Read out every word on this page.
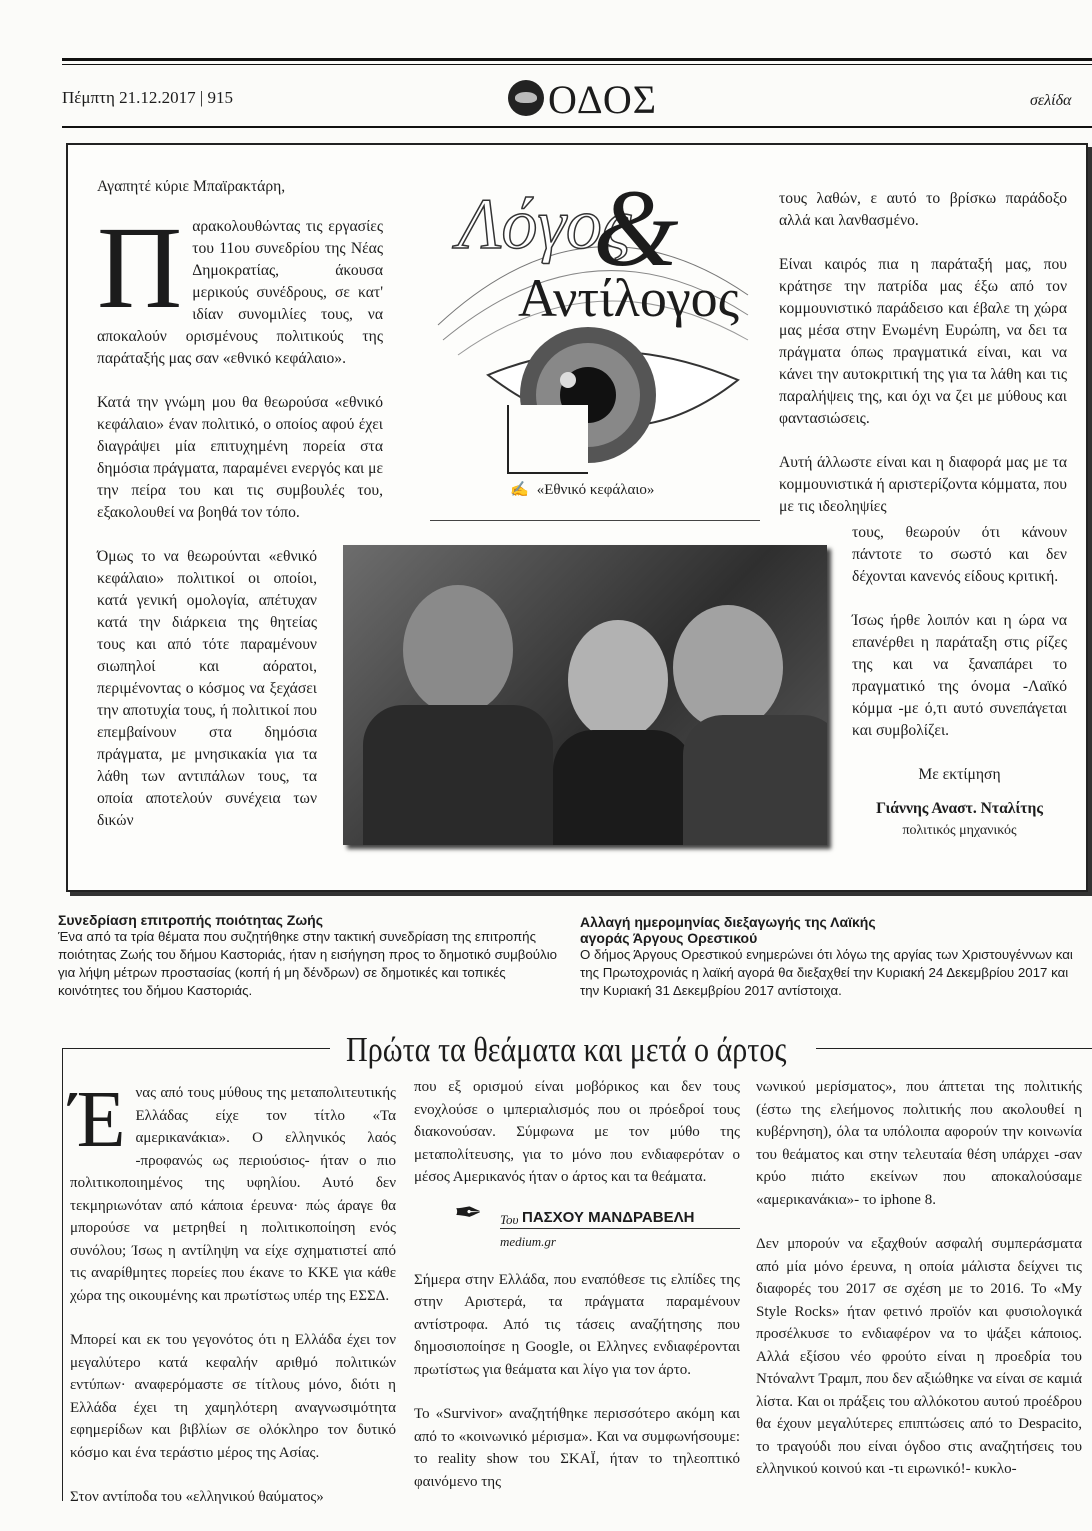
Πέμπτη 21.12.2017 | 915	ΟΔΟΣ	σελίδα

Αγαπητέ κύριε Μπαϊρακτάρη,

Π αρακολουθώντας τις εργασίες του 11ου συνεδρίου της Νέας Δημοκρατίας, άκουσα μερικούς συνέδρους, σε κατ' ιδίαν συνομιλίες τους, να αποκαλούν ορισμένους πολιτικούς της παράταξής μας σαν «εθνικό κεφάλαιο».

Κατά την γνώμη μου θα θεωρούσα «εθνικό κεφάλαιο» έναν πολιτικό, ο οποίος αφού έχει διαγράψει μία επιτυχημένη πορεία στα δημόσια πράγματα, παραμένει ενεργός και με την πείρα του και τις συμβουλές του, εξακολουθεί να βοηθά τον τόπο.

Όμως το να θεωρούνται «εθνικό κεφάλαιο» πολιτικοί οι οποίοι, κατά γενική ομολογία, απέτυχαν κατά την διάρκεια της θητείας τους και από τότε παραμένουν σιωπηλοί και αόρατοι, περιμένοντας ο κόσμος να ξεχάσει την αποτυχία τους, ή πολιτικοί που επεμβαίνουν στα δημόσια πράγματα, με μνησικακία για τα λάθη των αντιπάλων τους, τα οποία αποτελούν συνέχεια των δικών

Λόγος
&
Αντίλογος
✍ «Εθνικό κεφάλαιο»

τους λαθών, ε αυτό το βρίσκω παράδοξο αλλά και λανθασμένο.

Είναι καιρός πια η παράταξή μας, που κράτησε την πατρίδα μας έξω από τον κομμουνιστικό παράδεισο και έβαλε τη χώρα μας μέσα στην Ενωμένη Ευρώπη, να δει τα πράγματα όπως πραγματικά είναι, και να κάνει την αυτοκριτική της για τα λάθη και τις παραλήψεις της, και όχι να ζει με μύθους και φαντασιώσεις.

Αυτή άλλωστε είναι και η διαφορά μας με τα κομμουνιστικά ή αριστερίζοντα κόμματα, που με τις ιδεοληψίες

τους, θεωρούν ότι κάνουν πάντοτε το σωστό και δεν δέχονται κανενός είδους κριτική.

Ίσως ήρθε λοιπόν και η ώρα να επανέρθει η παράταξη στις ρίζες της και να ξαναπάρει το πραγματικό της όνομα -Λαϊκό κόμμα -με ό,τι αυτό συνεπάγεται και συμβολίζει.

Με εκτίμηση

Γιάννης Αναστ. Νταλίτης

πολιτικός μηχανικός

Συνεδρίαση επιτροπής ποιότητας Ζωής
Ένα από τα τρία θέματα που συζητήθηκε στην τακτική συνεδρίαση της επιτροπής ποιότητας Ζωής του δήμου Καστοριάς, ήταν η εισήγηση προς το δημοτικό συμβούλιο για λήψη μέτρων προστασίας (κοπή ή μη δένδρων) σε δημοτικές και τοπικές κοινότητες του δήμου Καστοριάς.
Αλλαγή ημερομηνίας διεξαγωγής της Λαϊκής αγοράς Άργους Ορεστικού
Ο δήμος Άργους Ορεστικού ενημερώνει ότι λόγω της αργίας των Χριστουγέννων και της Πρωτοχρονιάς η λαϊκή αγορά θα διεξαχθεί την Κυριακή 24 Δεκεμβρίου 2017 και την Κυριακή 31 Δεκεμβρίου 2017 αντίστοιχα.
Πρώτα τα θεάματα και μετά ο άρτος

Έ νας από τους μύθους της μεταπολιτευτικής Ελλάδας είχε τον τίτλο «Τα αμερικανάκια». Ο ελληνικός λαός -προφανώς ως περιούσιος- ήταν ο πιο πολιτικοποιημένος της υφηλίου. Αυτό δεν τεκμηριωνόταν από κάποια έρευνα· πώς άραγε θα μπορούσε να μετρηθεί η πολιτικοποίηση ενός συνόλου; Ίσως η αντίληψη να είχε σχηματιστεί από τις αναρίθμητες πορείες που έκανε το ΚΚΕ για κάθε χώρα της οικουμένης και πρωτίστως υπέρ της ΕΣΣΔ.

Μπορεί και εκ του γεγονότος ότι η Ελλάδα έχει τον μεγαλύτερο κατά κεφαλήν αριθμό πολιτικών εντύπων· αναφερόμαστε σε τίτλους μόνο, διότι η Ελλάδα έχει τη χαμηλότερη αναγνωσιμότητα εφημερίδων και βιβλίων σε ολόκληρο τον δυτικό κόσμο και ένα τεράστιο μέρος της Ασίας.

Στον αντίποδα του «ελληνικού θαύματος»

που εξ ορισμού είναι μοβόρικος και δεν τους ενοχλούσε ο ιμπεριαλισμός που οι πρόεδροί τους διακονούσαν. Σύμφωνα με τον μύθο της μεταπολίτευσης, για το μόνο που ενδιαφερόταν ο μέσος Αμερικανός ήταν ο άρτος και τα θεάματα.

✒ Του ΠΑΣΧΟΥ ΜΑΝΔΡΑΒΕΛΗ
medium.gr

Σήμερα στην Ελλάδα, που εναπόθεσε τις ελπίδες της στην Αριστερά, τα πράγματα παραμένουν αντίστροφα. Από τις τάσεις αναζήτησης που δημοσιοποίησε η Google, οι Ελληνες ενδιαφέρονται πρωτίστως για θεάματα και λίγο για τον άρτο.

Το «Survivor» αναζητήθηκε περισσότερο ακόμη και από το «κοινωνικό μέρισμα». Και να συμφωνήσουμε: το reality show του ΣΚΑΪ, ήταν το τηλεοπτικό φαινόμενο της

νωνικού μερίσματος», που άπτεται της πολιτικής (έστω της ελεήμονος πολιτικής που ακολουθεί η κυβέρνηση), όλα τα υπόλοιπα αφορούν την κοινωνία του θεάματος και στην τελευταία θέση υπάρχει -σαν κρύο πιάτο εκείνων που αποκαλούσαμε «αμερικανάκια»- το iphone 8.

Δεν μπορούν να εξαχθούν ασφαλή συμπεράσματα από μία μόνο έρευνα, η οποία μάλιστα δείχνει τις διαφορές του 2017 σε σχέση με το 2016. Το «My Style Rocks» ήταν φετινό προϊόν και φυσιολογικά προσέλκυσε το ενδιαφέρον να το ψάξει κάποιος. Αλλά εξίσου νέο φρούτο είναι η προεδρία του Ντόναλντ Τραμπ, που δεν αξιώθηκε να είναι σε καμιά λίστα. Και οι πράξεις του αλλόκοτου αυτού προέδρου θα έχουν μεγαλύτερες επιπτώσεις από το Despacito, το τραγούδι που είναι όγδοο στις αναζητήσεις του ελληνικού κοινού και -τι ειρωνικό!- κυκλο-
